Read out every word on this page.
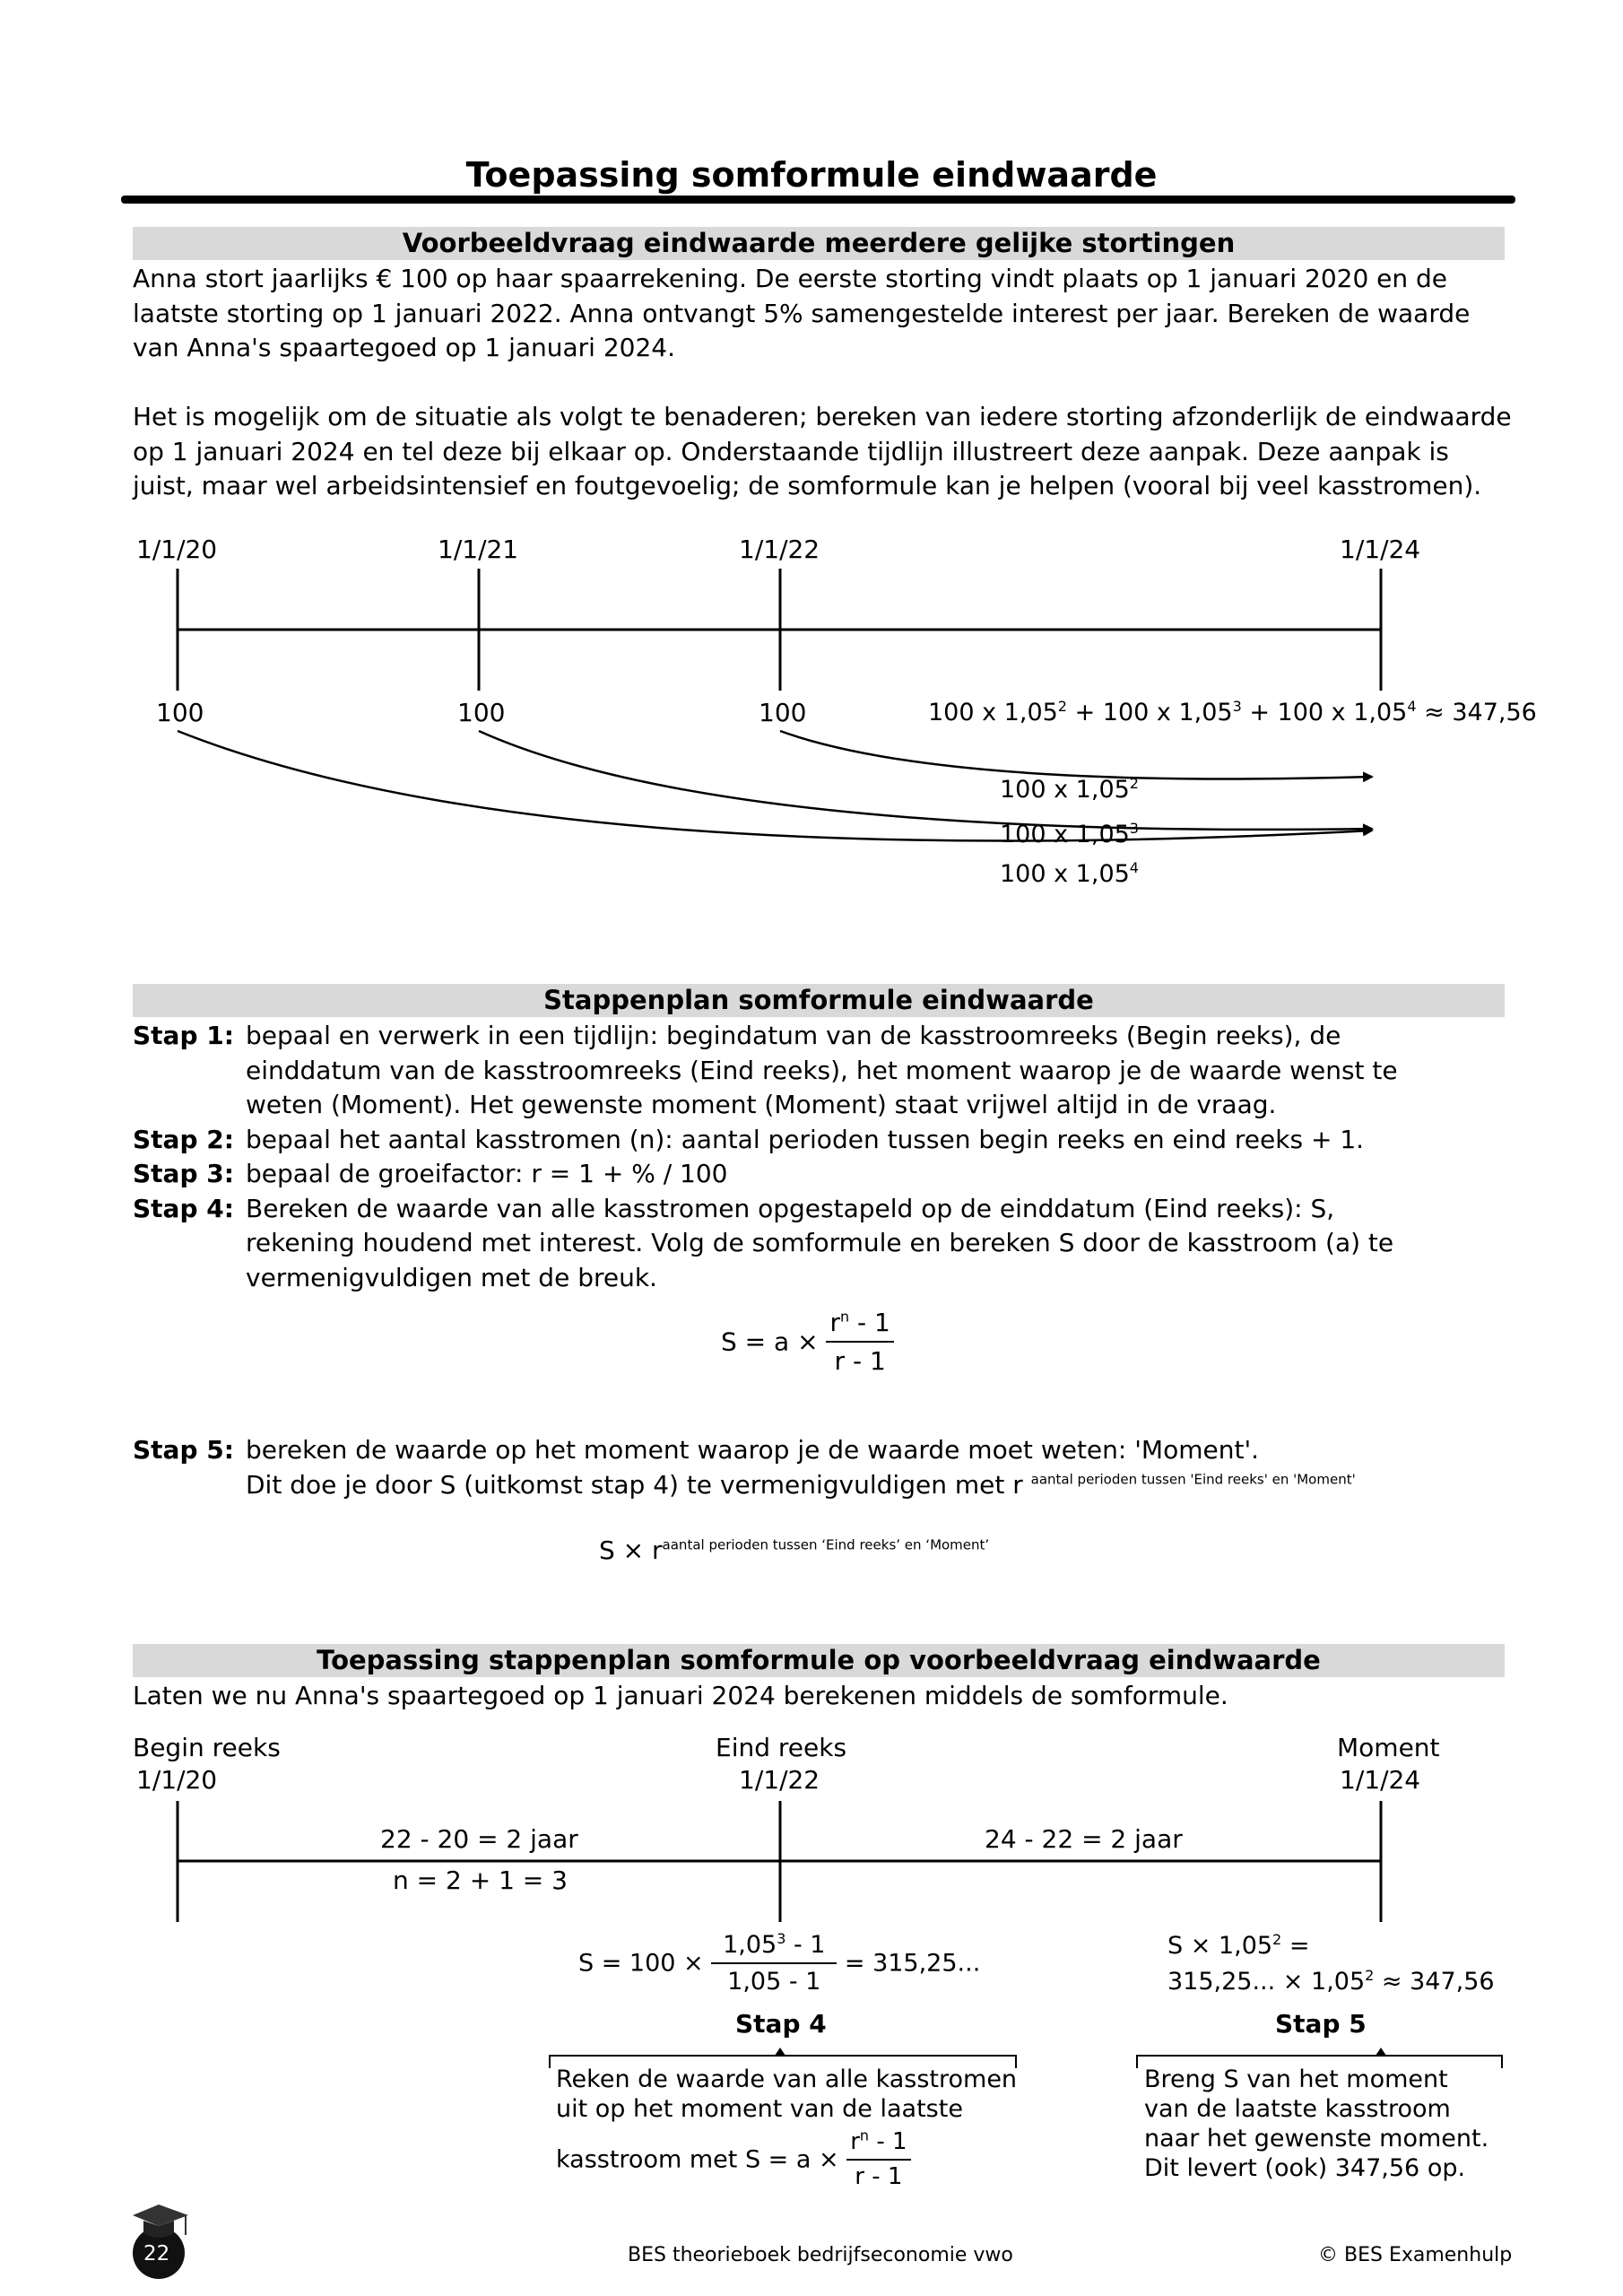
Toepassing somformule eindwaarde
Voorbeeldvraag eindwaarde meerdere gelijke stortingen
Anna stort jaarlijks € 100 op haar spaarrekening. De eerste storting vindt plaats op 1 januari 2020 en de
laatste storting op 1 januari 2022. Anna ontvangt 5% samengestelde interest per jaar. Bereken de waarde
van Anna's spaartegoed op 1 januari 2024.
Het is mogelijk om de situatie als volgt te benaderen; bereken van iedere storting afzonderlijk de eindwaarde
op 1 januari 2024 en tel deze bij elkaar op. Onderstaande tijdlijn illustreert deze aanpak. Deze aanpak is
juist, maar wel arbeidsintensief en foutgevoelig; de somformule kan je helpen (vooral bij veel kasstromen).
1/1/20	1/1/21	1/1/22	1/1/24
100	100	100	100 x $1,05^2 + 100$ x $1,05^3 + 100$ x $1,05^4 \approx 347,56$
100 x 1,05$^2$
100 x 1,05$^3$
100 x 1,05$^4$
Stappenplan somformule eindwaarde
Stap 1: bepaal en verwerk in een tijdlijn: begindatum van de kasstroomreeks (Begin reeks), de
einddatum van de kasstroomreeks (Eind reeks), het moment waarop je de waarde wenst te
weten (Moment). Het gewenste moment (Moment) staat vrijwel altijd in de vraag.
Stap 2: bepaal het aantal kasstromen (n): aantal perioden tussen begin reeks en eind reeks + 1.
Stap 3: bepaal de groeifactor: r = 1 + % / 100
Stap 4: Bereken de waarde van alle kasstromen opgestapeld op de einddatum (Eind reeks): S,
rekening houdend met interest. Volg de somformule en bereken S door de kasstroom (a) te
vermenigvuldigen met de breuk.
$S = a \times \frac{r^n - 1}{r - 1}$
Stap 5: bereken de waarde op het moment waarop je de waarde moet weten: 'Moment'.
Dit doe je door S (uitkomst stap 4) te vermenigvuldigen met r $^{aantal perioden tussen 'Eind reeks' en 'Moment'}$
$S \times r^{aantal perioden tussen ‘Eind reeks’ en ‘Moment’}$
Toepassing stappenplan somformule op voorbeeldvraag eindwaarde
Laten we nu Anna's spaartegoed op 1 januari 2024 berekenen middels de somformule.
Begin reeks	Eind reeks	Moment
1/1/20	1/1/22	1/1/24
22 - 20 = 2 jaar
n = 2 + 1 = 3
24 - 22 = 2 jaar
$S = 100 \times \frac{1,05^3 - 1}{1,05 - 1} = 315,25$...
Stap 4
$S \times 1,05^2$ =
315,25... × $1,05^2 \approx 347,56$
Stap 5
Reken de waarde van alle kasstromen
uit op het moment van de laatste
kasstroom met $S = a \times \frac{r^n - 1}{r - 1}$
Breng S van het moment
van de laatste kasstroom
naar het gewenste moment.
Dit levert (ook) 347,56 op.
22	BES theorieboek bedrijfseconomie vwo	© BES Examenhulp
